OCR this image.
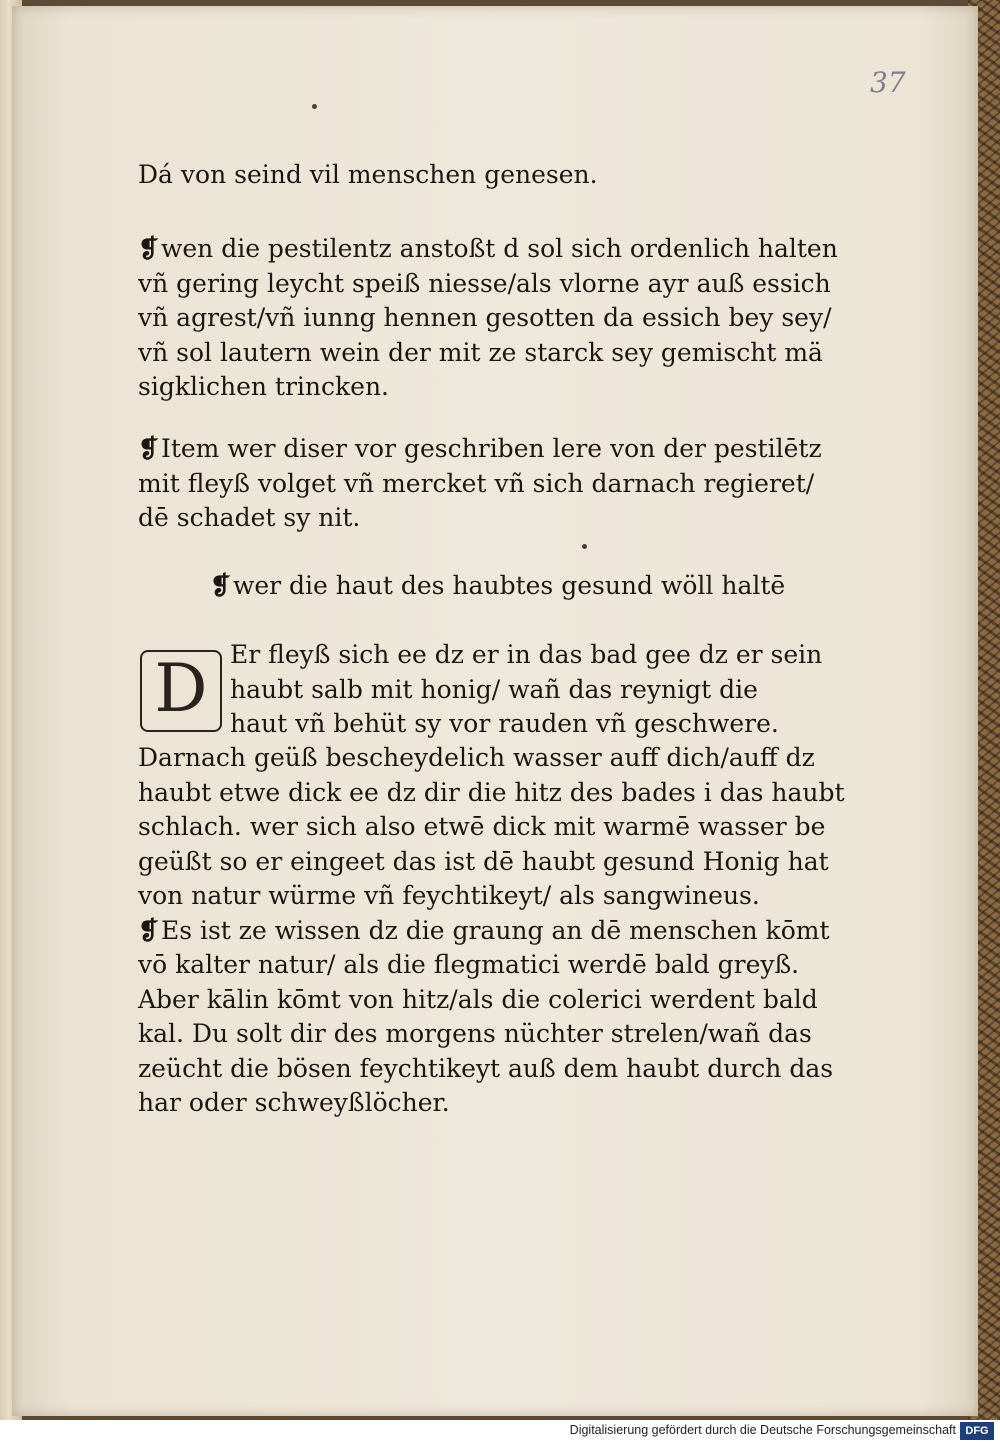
37
Dá von seind vil menschen genesen.
❡wen die pestilentz anstoßt d sol sich ordenlich halten
vñ gering leycht speiß niesse/als vlorne ayr auß essich
vñ agrest/vñ iunng hennen gesotten da essich bey sey/
vñ sol lautern wein der mit ze starck sey gemischt mä
sigklichen trincken.
❡Item wer diser vor geschriben lere von der pestilētz
mit fleyß volget vñ mercket vñ sich darnach regieret/
dē schadet sy nit.
❡wer die haut des haubtes gesund wöll haltē
D Er fleyß sich ee dz er in das bad gee dz er sein
haubt salb mit honig/ wañ das reynigt die
haut vñ behüt sy vor rauden vñ geschwere.
Darnach geüß bescheydelich wasser auff dich/auff dz
haubt etwe dick ee dz dir die hitz des bades i das haubt
schlach. wer sich also etwē dick mit warmē wasser be
geüßt so er eingeet das ist dē haubt gesund Honig hat
von natur würme vñ feychtikeyt/ als sangwineus.
❡Es ist ze wissen dz die graung an dē menschen kōmt
vō kalter natur/ als die flegmatici werdē bald greyß.
Aber kālin kōmt von hitz/als die colerici werdent bald
kal. Du solt dir des morgens nüchter strelen/wañ das
zeücht die bösen feychtikeyt auß dem haubt durch das
har oder schweyßlöcher.
Digitalisierung gefördert durch die Deutsche Forschungsgemeinschaft DFG
